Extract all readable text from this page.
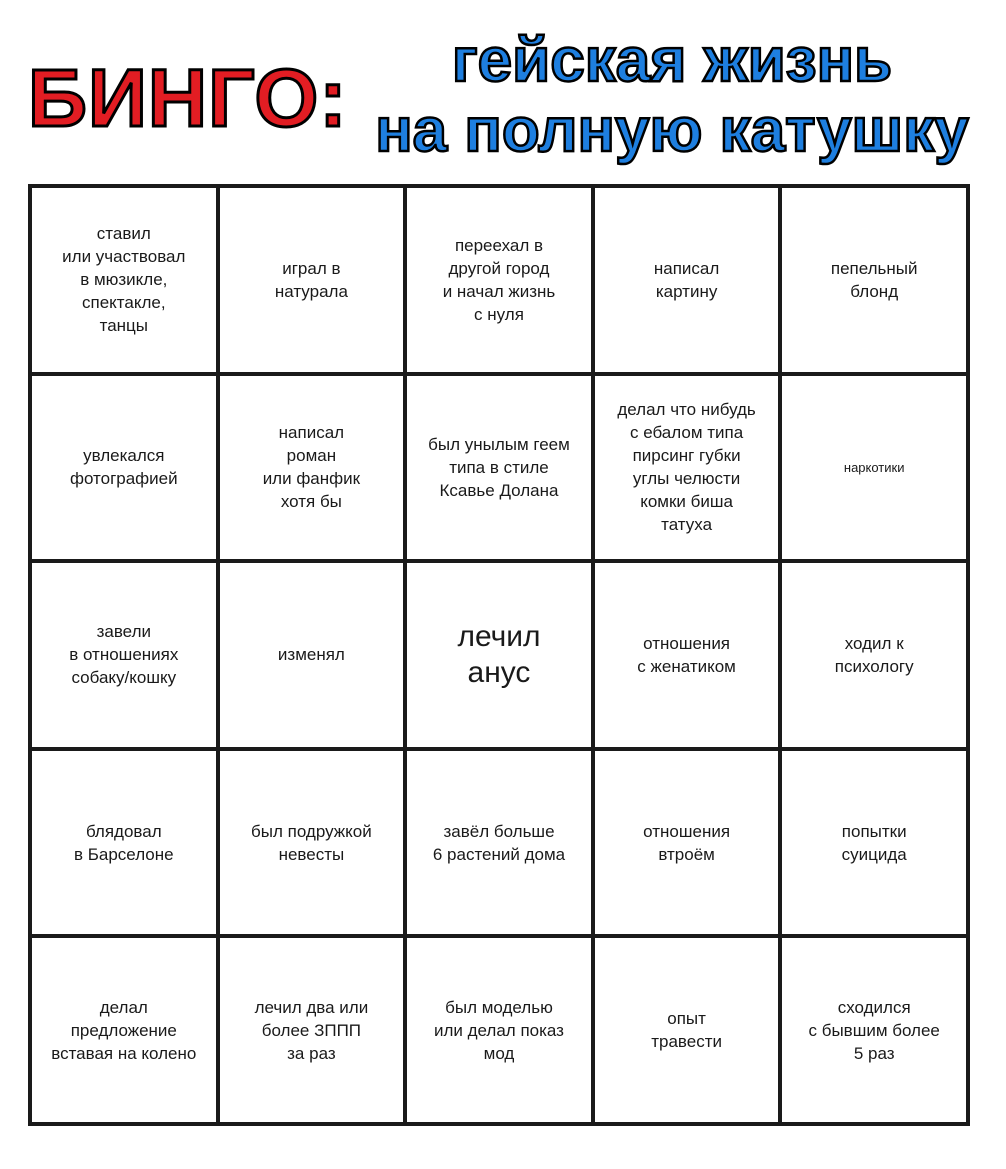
БИНГО:	гейская жизнь
на полную катушку
ставил
или участвовал
в мюзикле,
спектакле,
танцы
играл в
натурала
переехал в
другой город
и начал жизнь
с нуля
написал
картину
пепельный
блонд
увлекался
фотографией
написал
роман
или фанфик
хотя бы
был унылым геем
типа в стиле
Ксавье Долана
делал что нибудь
с ебалом типа
пирсинг губки
углы челюсти
комки биша
татуха
наркотики
завели
в отношениях
собаку/кошку
изменял
лечил
анус
отношения
с женатиком
ходил к
психологу
блядовал
в Барселоне
был подружкой
невесты
завёл больше
6 растений дома
отношения
втроём
попытки
суицида
делал
предложение
вставая на колено
лечил два или
более ЗППП
за раз
был моделью
или делал показ
мод
опыт
травести
сходился
с бывшим более
5 раз
